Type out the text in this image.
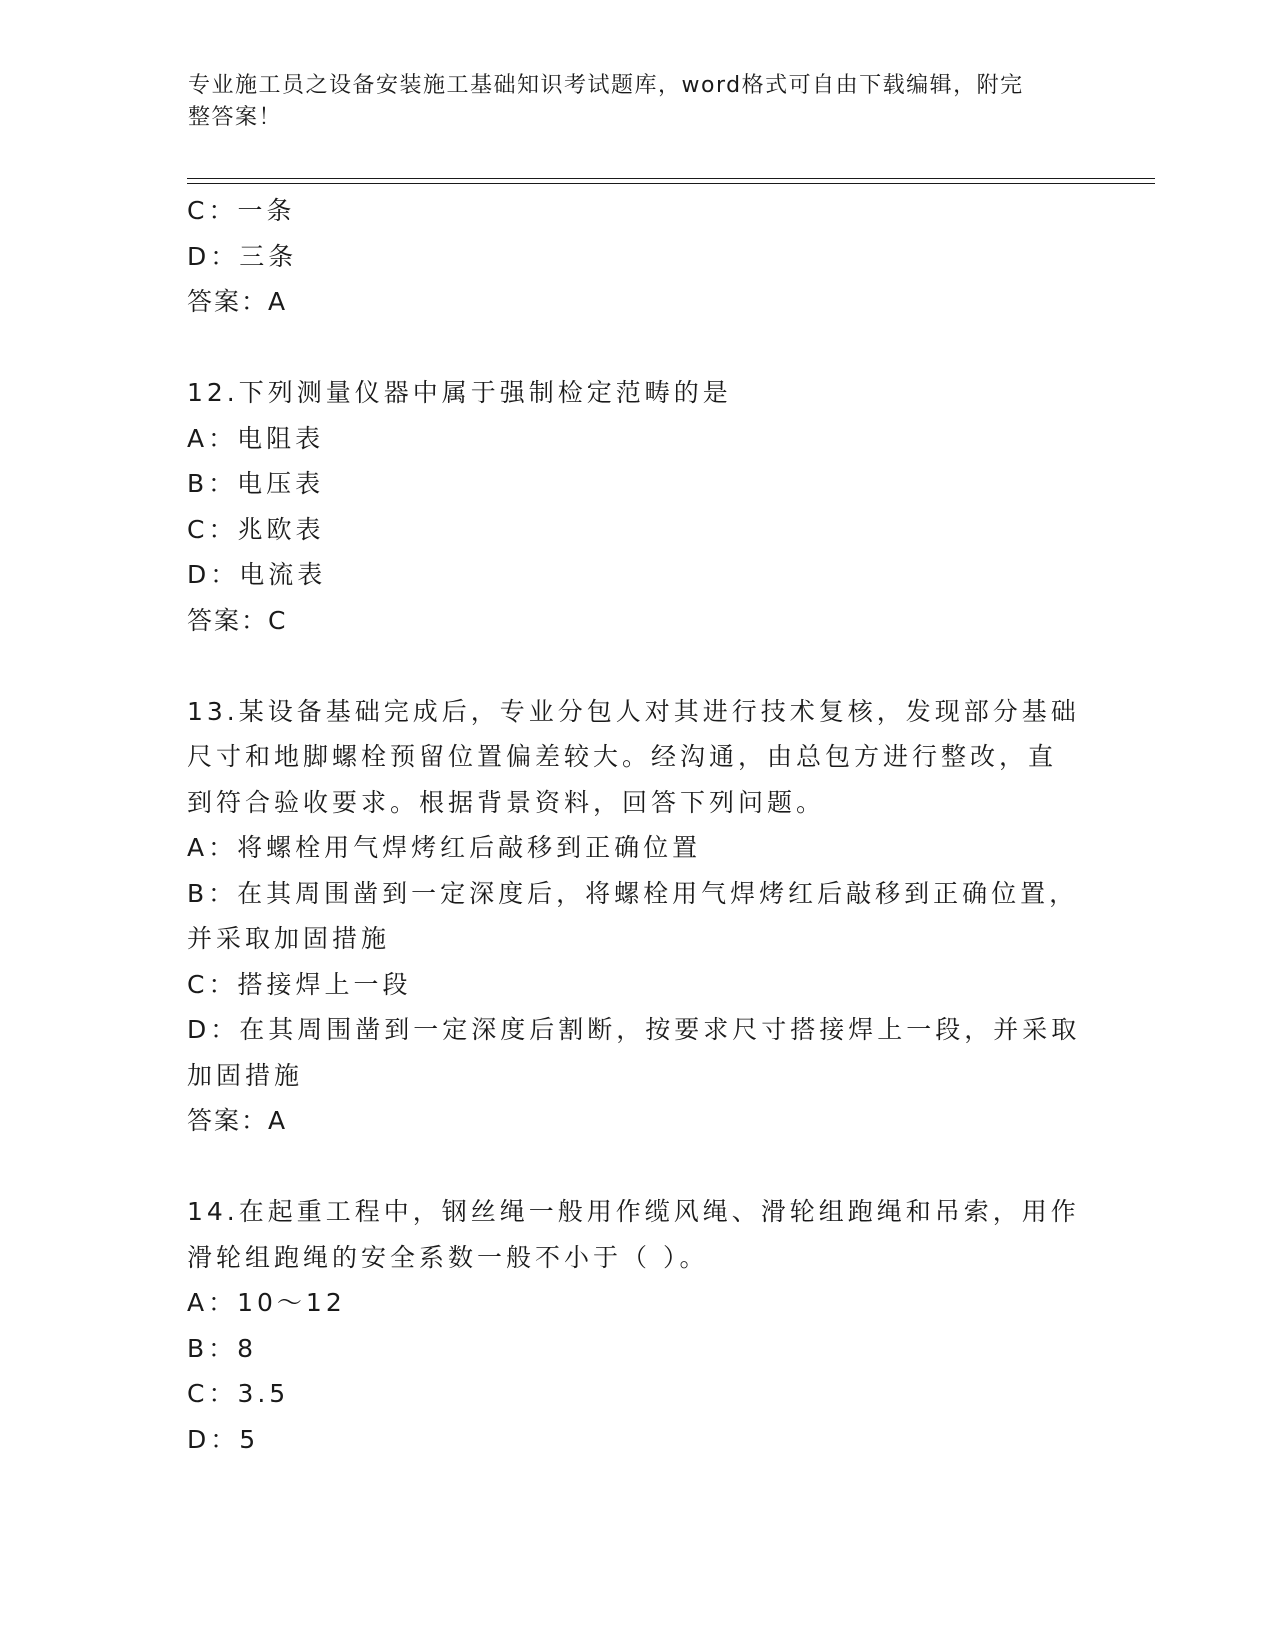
专业施工员之设备安装施工基础知识考试题库，word格式可自由下载编辑，附完
整答案！
C：一条
D：三条
答案：A
12.下列测量仪器中属于强制检定范畴的是
A：电阻表
B：电压表
C：兆欧表
D：电流表
答案：C
13.某设备基础完成后，专业分包人对其进行技术复核，发现部分基础
尺寸和地脚螺栓预留位置偏差较大。经沟通，由总包方进行整改，直
到符合验收要求。根据背景资料，回答下列问题。
A：将螺栓用气焊烤红后敲移到正确位置
B：在其周围凿到一定深度后，将螺栓用气焊烤红后敲移到正确位置，
并采取加固措施
C：搭接焊上一段
D：在其周围凿到一定深度后割断，按要求尺寸搭接焊上一段，并采取
加固措施
答案：A
14.在起重工程中，钢丝绳一般用作缆风绳、滑轮组跑绳和吊索，用作
滑轮组跑绳的安全系数一般不小于（ ）。
A：10～12
B：8
C：3.5
D：5
